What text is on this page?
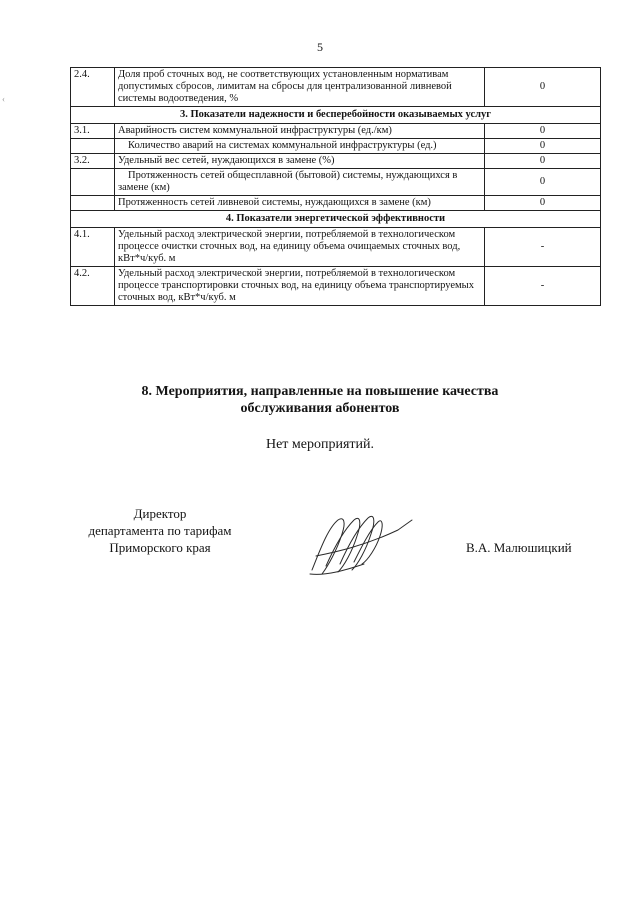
5
‹
2.4.	Доля проб сточных вод, не соответствующих установленным нормативам допустимых сбросов, лимитам на сбросы для централизованной ливневой системы водоотведения, %	0
3. Показатели надежности и бесперебойности оказываемых услуг		
3.1.	Аварийность систем коммунальной инфраструктуры (ед./км)	0
	Количество аварий на системах коммунальной инфраструктуры (ед.)	0
3.2.	Удельный вес сетей, нуждающихся в замене (%)	0
	Протяженность сетей общесплавной (бытовой) системы, нуждающихся в замене (км)	0
	Протяженность сетей ливневой системы, нуждающихся в замене (км)	0
4. Показатели энергетической эффективности		
4.1.	Удельный расход электрической энергии, потребляемой в технологическом процессе очистки сточных вод, на единицу объема очищаемых сточных вод, кВт*ч/куб. м	-
4.2.	Удельный расход электрической энергии, потребляемой в технологическом процессе транспортировки сточных вод, на единицу объема транспортируемых сточных вод, кВт*ч/куб. м	-
8. Мероприятия, направленные на повышение качества
обслуживания абонентов
Нет мероприятий.
Директор
департамента по тарифам
Приморского края	В.А. Малюшицкий
